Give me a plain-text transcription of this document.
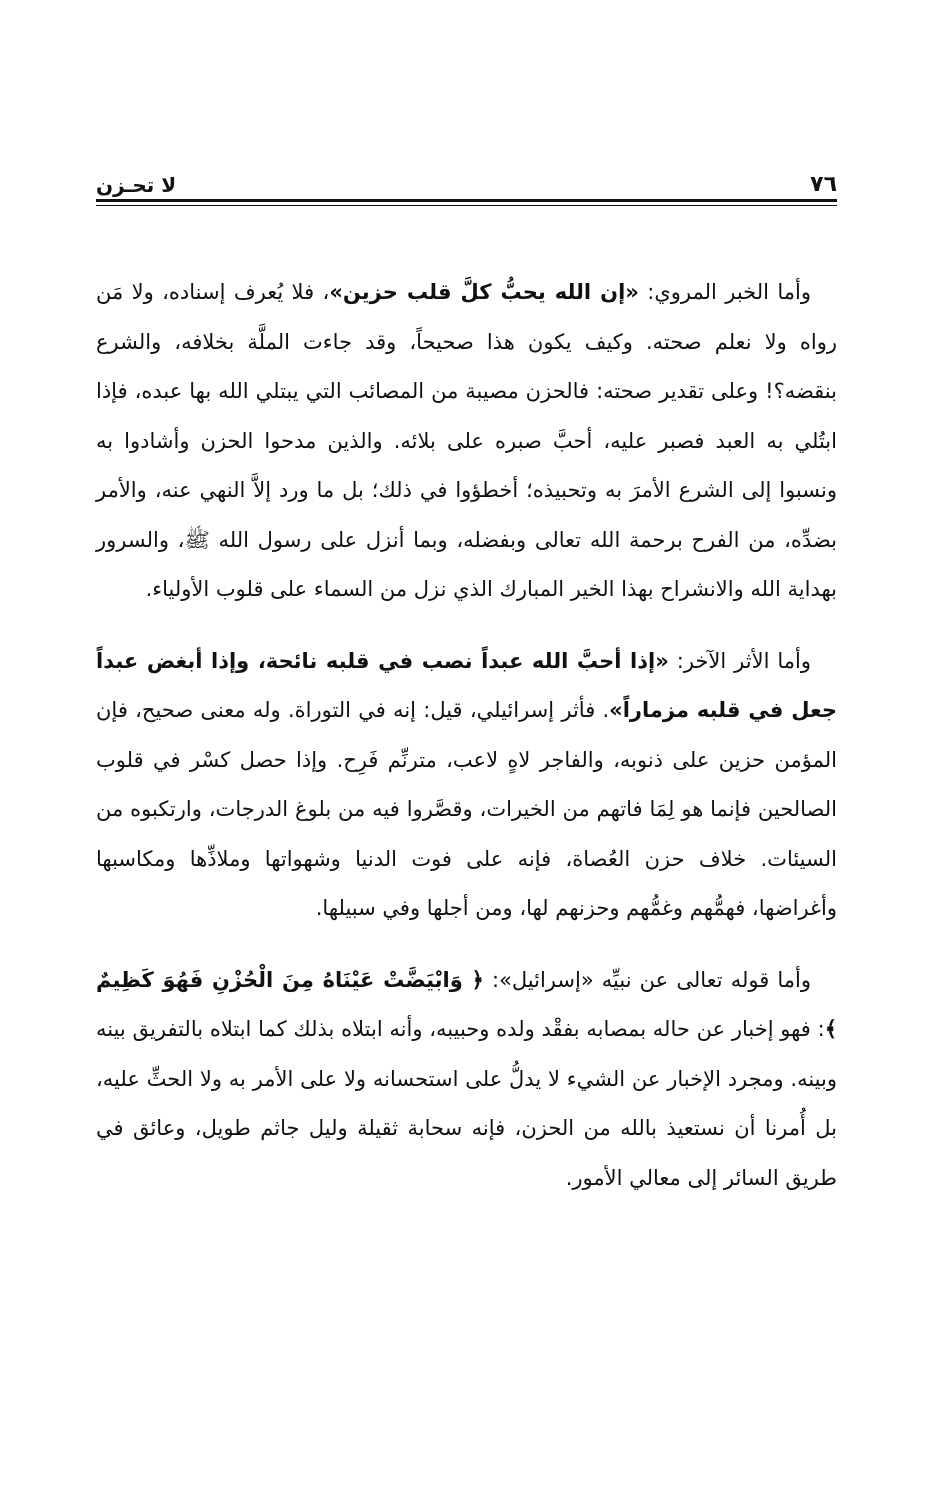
٧٦
لا تحـزن

وأما الخبر المروي: «إن الله يحبُّ كلَّ قلب حزين»، فلا يُعرف إسناده، ولا مَن رواه ولا نعلم صحته. وكيف يكون هذا صحيحاً، وقد جاءت الملَّة بخلافه، والشرع بنقضه؟! وعلى تقدير صحته: فالحزن مصيبة من المصائب التي يبتلي الله بها عبده، فإذا ابتُلي به العبد فصبر عليه، أحبَّ صبره على بلائه. والذين مدحوا الحزن وأشادوا به ونسبوا إلى الشرع الأمرَ به وتحبيذه؛ أخطؤوا في ذلك؛ بل ما ورد إلاَّ النهي عنه، والأمر بضدِّه، من الفرح برحمة الله تعالى وبفضله، وبما أنزل على رسول الله ﷺ، والسرور بهداية الله والانشراح بهذا الخير المبارك الذي نزل من السماء على قلوب الأولياء.

وأما الأثر الآخر: «إذا أحبَّ الله عبداً نصب في قلبه نائحة، وإذا أبغض عبداً جعل في قلبه مزماراً». فأثر إسرائيلي، قيل: إنه في التوراة. وله معنى صحيح، فإن المؤمن حزين على ذنوبه، والفاجر لاهٍ لاعب، مترنِّم فَرِح. وإذا حصل كسْر في قلوب الصالحين فإنما هو لِمَا فاتهم من الخيرات، وقصَّروا فيه من بلوغ الدرجات، وارتكبوه من السيئات. خلاف حزن العُصاة، فإنه على فوت الدنيا وشهواتها وملاذِّها ومكاسبها وأغراضها، فهمُّهم وغمُّهم وحزنهم لها، ومن أجلها وفي سبيلها.

وأما قوله تعالى عن نبيِّه «إسرائيل»: ﴿ وَابْيَضَّتْ عَيْنَاهُ مِنَ الْحُزْنِ فَهُوَ كَظِيمٌ ﴾: فهو إخبار عن حاله بمصابه بفقْد ولده وحبيبه، وأنه ابتلاه بذلك كما ابتلاه بالتفريق بينه وبينه. ومجرد الإخبار عن الشيء لا يدلُّ على استحسانه ولا على الأمر به ولا الحثِّ عليه، بل أُمرنا أن نستعيذ بالله من الحزن، فإنه سحابة ثقيلة وليل جاثم طويل، وعائق في طريق السائر إلى معالي الأمور.
